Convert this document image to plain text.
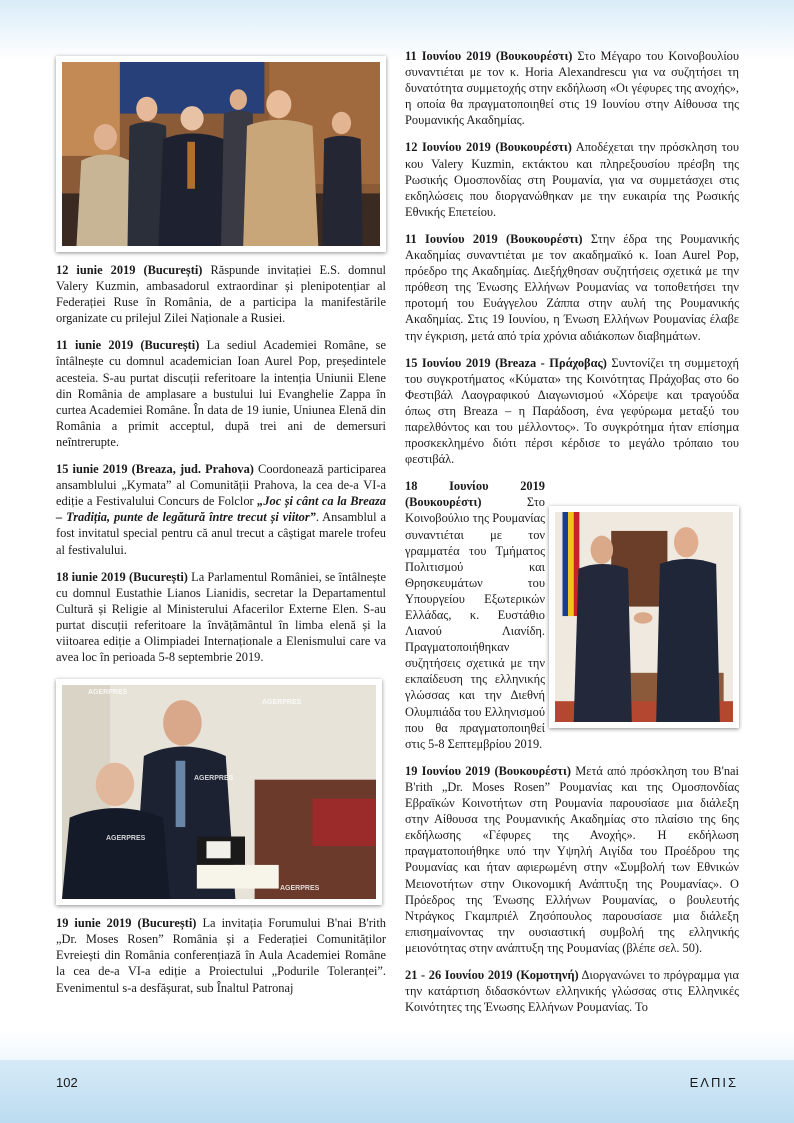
12 iunie 2019 (București) Răspunde invitației E.S. domnul Valery Kuzmin, ambasadorul extraordinar și plenipotențiar al Federației Ruse în România, de a participa la manifestările organizate cu prilejul Zilei Naționale a Rusiei.

11 iunie 2019 (București) La sediul Academiei Române, se întâlnește cu domnul academician Ioan Aurel Pop, președintele acesteia. S-au purtat discuții referitoare la intenția Uniunii Elene din România de amplasare a bustului lui Evanghelie Zappa în curtea Academiei Române. În data de 19 iunie, Uniunea Elenă din România a primit acceptul, după trei ani de demersuri neîntrerupte.

15 iunie 2019 (Breaza, jud. Prahova) Coordonează participarea ansamblului „Kymata” al Comunității Prahova, la cea de-a VI-a ediție a Festivalului Concurs de Folclor „Joc și cânt ca la Breaza – Tradiția, punte de legătură între trecut și viitor”. Ansamblul a fost invitatul special pentru că anul trecut a câștigat marele trofeu al festivalului.

18 iunie 2019 (București) La Parlamentul României, se întâlnește cu domnul Eustathie Lianos Lianidis, secretar la Departamentul Cultură și Religie al Ministerului Afacerilor Externe Elen. S-au purtat discuții referitoare la învățământul în limba elenă și la viitoarea ediție a Olimpiadei Internaționale a Elenismului care va avea loc în perioada 5-8 septembrie 2019.

AGERPRES
AGERPRES
AGERPRES
AGERPRES
AGERPRES

19 iunie 2019 (București) La invitația Forumului B'nai B'rith „Dr. Moses Rosen” România și a Federației Comunităților Evreiești din România conferențiază în Aula Academiei Române la cea de-a VI-a ediție a Proiectului „Podurile Toleranței”. Evenimentul s-a desfășurat, sub Înaltul Patronaj

11 Ιουνίου 2019 (Βουκουρέστι) Στο Μέγαρο του Κοινοβουλίου συναντιέται με τον κ. Horia Alexandrescu για να συζητήσει τη δυνατότητα συμμετοχής στην εκδήλωση «Οι γέφυρες της ανοχής», η οποία θα πραγματοποιηθεί στις 19 Ιουνίου στην Αίθουσα της Ρουμανικής Ακαδημίας.

12 Ιουνίου 2019 (Βουκουρέστι) Αποδέχεται την πρόσκληση του κου Valery Kuzmin, εκτάκτου και πληρεξουσίου πρέσβη της Ρωσικής Ομοσπονδίας στη Ρουμανία, για να συμμετάσχει στις εκδηλώσεις που διοργανώθηκαν με την ευκαιρία της Ρωσικής Εθνικής Επετείου.

11 Ιουνίου 2019 (Βουκουρέστι) Στην έδρα της Ρουμανικής Ακαδημίας συναντιέται με τον ακαδημαϊκό κ. Ioan Aurel Pop, πρόεδρο της Ακαδημίας. Διεξήχθησαν συζητήσεις σχετικά με την πρόθεση της Ένωσης Ελλήνων Ρουμανίας να τοποθετήσει την προτομή του Ευάγγελου Ζάππα στην αυλή της Ρουμανικής Ακαδημίας. Στις 19 Ιουνίου, η Ένωση Ελλήνων Ρουμανίας έλαβε την έγκριση, μετά από τρία χρόνια αδιάκοπων διαβημάτων.

15 Ιουνίου 2019 (Breaza - Πράχοβας) Συντονίζει τη συμμετοχή του συγκροτήματος «Κύματα» της Κοινότητας Πράχοβας στο 6ο Φεστιβάλ Λαογραφικού Διαγωνισμού «Χόρεψε και τραγούδα όπως στη Breaza – η Παράδοση, ένα γεφύρωμα μεταξύ του παρελθόντος και του μέλλοντος». Το συγκρότημα ήταν επίσημα προσκεκλημένο διότι πέρσι κέρδισε το μεγάλο τρόπαιο του φεστιβάλ.

18 Ιουνίου 2019 (Βουκουρέστι) Στο Κοινοβούλιο της Ρουμανίας συναντιέται με τον γραμματέα του Τμήματος Πολιτισμού και Θρησκευμάτων του Υπουργείου Εξωτερικών Ελλάδας, κ. Ευστάθιο Λιανού Λιανίδη. Πραγματοποιήθηκαν συζητήσεις σχετικά με την εκπαίδευση της ελληνικής γλώσσας και την Διεθνή Ολυμπιάδα του Ελληνισμού που θα πραγματοποιηθεί στις 5-8 Σεπτεμβρίου 2019.

19 Ιουνίου 2019 (Βουκουρέστι) Μετά από πρόσκληση του B'nai B'rith „Dr. Moses Rosen” Ρουμανίας και της Ομοσπονδίας Εβραϊκών Κοινοτήτων στη Ρουμανία παρουσίασε μια διάλεξη στην Αίθουσα της Ρουμανικής Ακαδημίας στο πλαίσιο της 6ης εκδήλωσης «Γέφυρες της Ανοχής». Η εκδήλωση πραγματοποιήθηκε υπό την Υψηλή Αιγίδα του Προέδρου της Ρουμανίας και ήταν αφιερωμένη στην «Συμβολή των Εθνικών Μειονοτήτων στην Οικονομική Ανάπτυξη της Ρουμανίας». Ο Πρόεδρος της Ένωσης Ελλήνων Ρουμανίας, ο βουλευτής Ντράγκος Γκαμπριέλ Ζησόπουλος παρουσίασε μια διάλεξη επισημαίνοντας την ουσιαστική συμβολή της ελληνικής μειονότητας στην ανάπτυξη της Ρουμανίας (βλέπε σελ. 50).

21 - 26 Ιουνίου 2019 (Κομοτηνή) Διοργανώνει το πρόγραμμα για την κατάρτιση διδασκόντων ελληνικής γλώσσας στις Ελληνικές Κοινότητες της Ένωσης Ελλήνων Ρουμανίας. Το

102	ΕΛΠΙΣ
